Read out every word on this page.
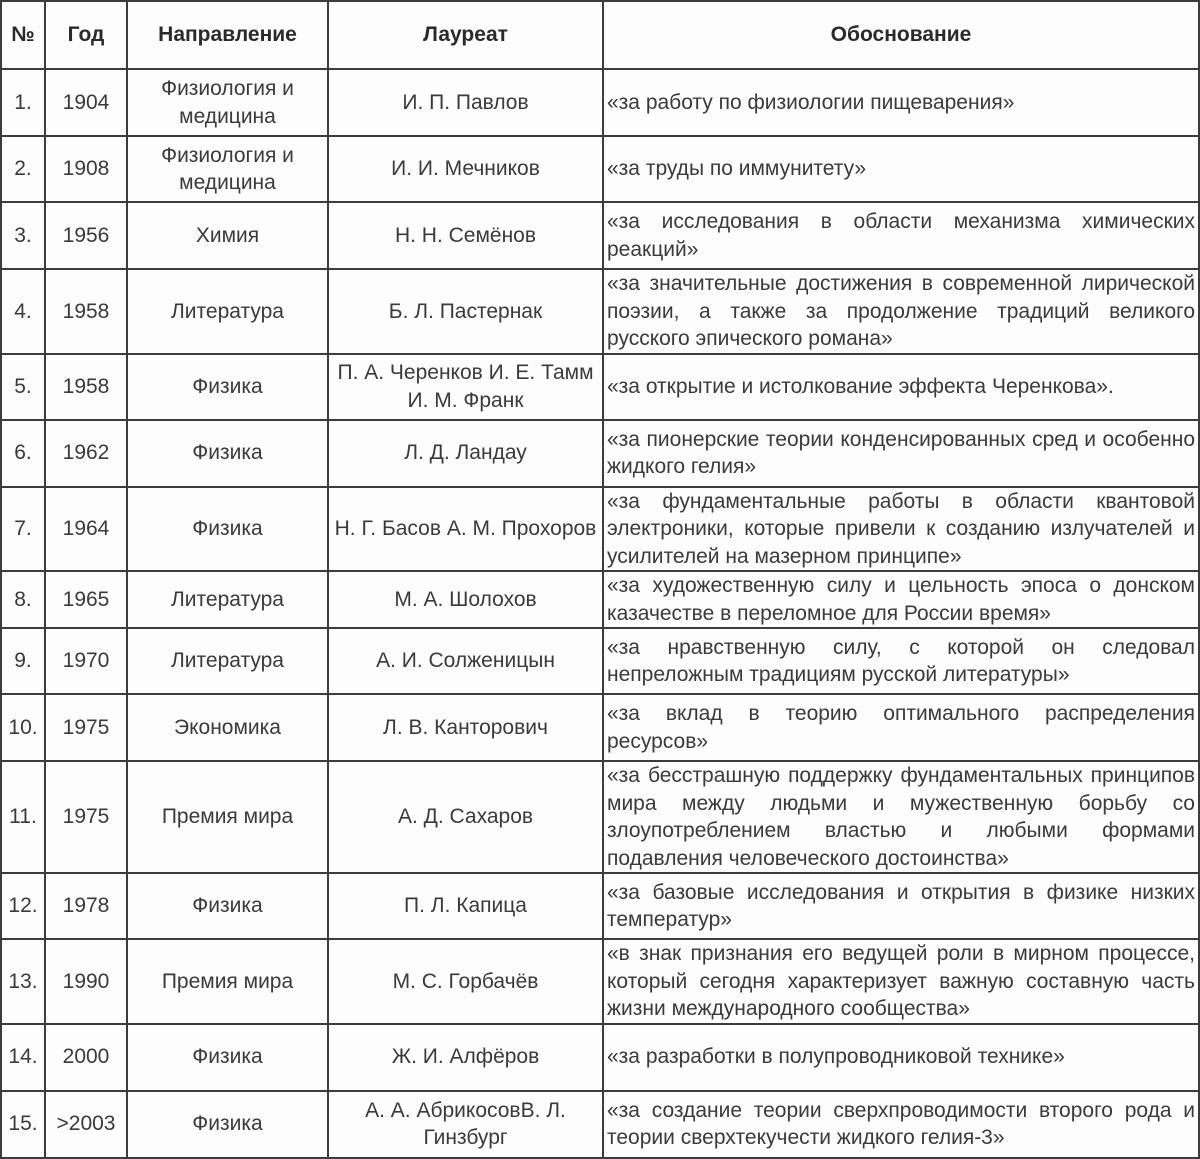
№	Год	Направление	Лауреат	Обоснование
1.	1904	Физиология и медицина	И. П. Павлов	«за работу по физиологии пищеварения»
2.	1908	Физиология и медицина	И. И. Мечников	«за труды по иммунитету»
3.	1956	Химия	Н. Н. Семёнов	«за исследования в области механизма химических реакций»
4.	1958	Литература	Б. Л. Пастернак	«за значительные достижения в современной лирической поэзии, а также за продолжение традиций великого русского эпического романа»
5.	1958	Физика	П. А. Черенков И. Е. Тамм И. М. Франк	«за открытие и истолкование эффекта Черенкова».
6.	1962	Физика	Л. Д. Ландау	«за пионерские теории конденсированных сред и особенно жидкого гелия»
7.	1964	Физика	Н. Г. Басов А. М. Прохоров	«за фундаментальные работы в области квантовой электроники, которые привели к созданию излучателей и усилителей на мазерном принципе»
8.	1965	Литература	М. А. Шолохов	«за художественную силу и цельность эпоса о донском казачестве в переломное для России время»
9.	1970	Литература	А. И. Солженицын	«за нравственную силу, с которой он следовал непреложным традициям русской литературы»
10.	1975	Экономика	Л. В. Канторович	«за вклад в теорию оптимального распределения ресурсов»
11.	1975	Премия мира	А. Д. Сахаров	«за бесстрашную поддержку фундаментальных принципов мира между людьми и мужественную борьбу со злоупотреблением властью и любыми формами подавления человеческого достоинства»
12.	1978	Физика	П. Л. Капица	«за базовые исследования и открытия в физике низких температур»
13.	1990	Премия мира	М. С. Горбачёв	«в знак признания его ведущей роли в мирном процессе, который сегодня характеризует важную составную часть жизни международного сообщества»
14.	2000	Физика	Ж. И. Алфёров	«за разработки в полупроводниковой технике»
15.	>2003	Физика	А. А. АбрикосовВ. Л. Гинзбург	«за создание теории сверхпроводимости второго рода и теории сверхтекучести жидкого гелия-3»
